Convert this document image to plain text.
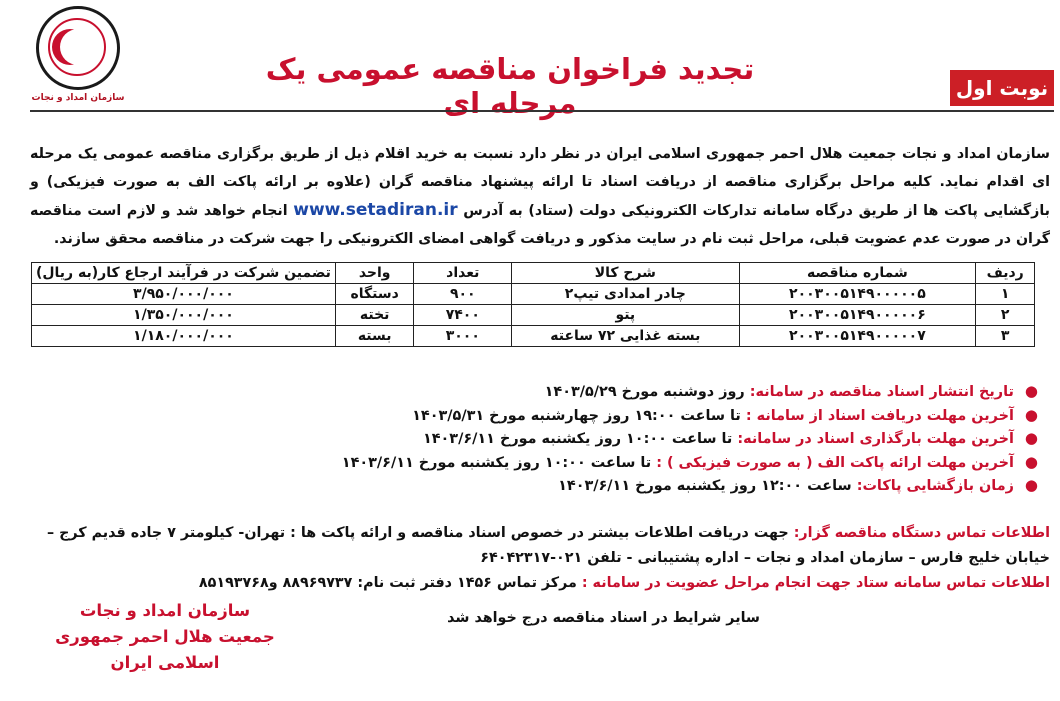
سازمان امداد و نجات
تجدید فراخوان مناقصه عمومی یک مرحله ای	نوبت اول
سازمان امداد و نجات جمعیت هلال احمر جمهوری اسلامی ایران در نظر دارد نسبت به خرید اقلام ذیل از طریق برگزاری مناقصه عمومی یک مرحله ای اقدام نماید. کلیه مراحل برگزاری مناقصه از دریافت اسناد تا ارائه پیشنهاد مناقصه گران (علاوه بر ارائه پاکت الف به صورت فیزیکی) و بازگشایی پاکت ها از طریق درگاه سامانه تدارکات الکترونیکی دولت (ستاد) به آدرس www.setadiran.ir انجام خواهد شد و لازم است مناقصه گران در صورت عدم عضویت قبلی، مراحل ثبت نام در سایت مذکور و دریافت گواهی امضای الکترونیکی را جهت شرکت در مناقصه محقق سازند.
ردیف	شماره مناقصه	شرح کالا	تعداد	واحد	تضمین شرکت در فرآیند ارجاع کار(به ریال)
۱	۲۰۰۳۰۰۵۱۴۹۰۰۰۰۰۵	چادر امدادی تیپ۲	۹۰۰	دستگاه	۳/۹۵۰/۰۰۰/۰۰۰
۲	۲۰۰۳۰۰۵۱۴۹۰۰۰۰۰۶	پتو	۷۴۰۰	تخته	۱/۳۵۰/۰۰۰/۰۰۰
۳	۲۰۰۳۰۰۵۱۴۹۰۰۰۰۰۷	بسته غذایی ۷۲ ساعته	۳۰۰۰	بسته	۱/۱۸۰/۰۰۰/۰۰۰
● تاریخ انتشار اسناد مناقصه در سامانه: روز دوشنبه مورخ ۱۴۰۳/۵/۲۹
● آخرین مهلت دریافت اسناد از سامانه : تا ساعت ۱۹:۰۰ روز چهارشنبه مورخ ۱۴۰۳/۵/۳۱
● آخرین مهلت بارگذاری اسناد در سامانه: تا ساعت ۱۰:۰۰ روز یکشنبه مورخ ۱۴۰۳/۶/۱۱
● آخرین مهلت ارائه پاکت الف ( به صورت فیزیکی ) : تا ساعت ۱۰:۰۰ روز یکشنبه مورخ ۱۴۰۳/۶/۱۱
● زمان بازگشایی پاکات: ساعت ۱۲:۰۰ روز یکشنبه مورخ ۱۴۰۳/۶/۱۱

اطلاعات تماس دستگاه مناقصه گزار: جهت دریافت اطلاعات بیشتر در خصوص اسناد مناقصه و ارائه پاکت ها : تهران- کیلومتر ۷ جاده قدیم کرج –

خیابان خلیج فارس – سازمان امداد و نجات – اداره پشتیبانی - تلفن ۰۲۱-۶۴۰۴۲۳۱۷

اطلاعات تماس سامانه ستاد جهت انجام مراحل عضویت در سامانه : مرکز تماس ۱۴۵۶ دفتر ثبت نام: ۸۸۹۶۹۷۳۷ و۸۵۱۹۳۷۶۸

سایر شرایط در اسناد مناقصه درج خواهد شد
سازمان امداد و نجات
جمعیت هلال احمر جمهوری اسلامی ایران
